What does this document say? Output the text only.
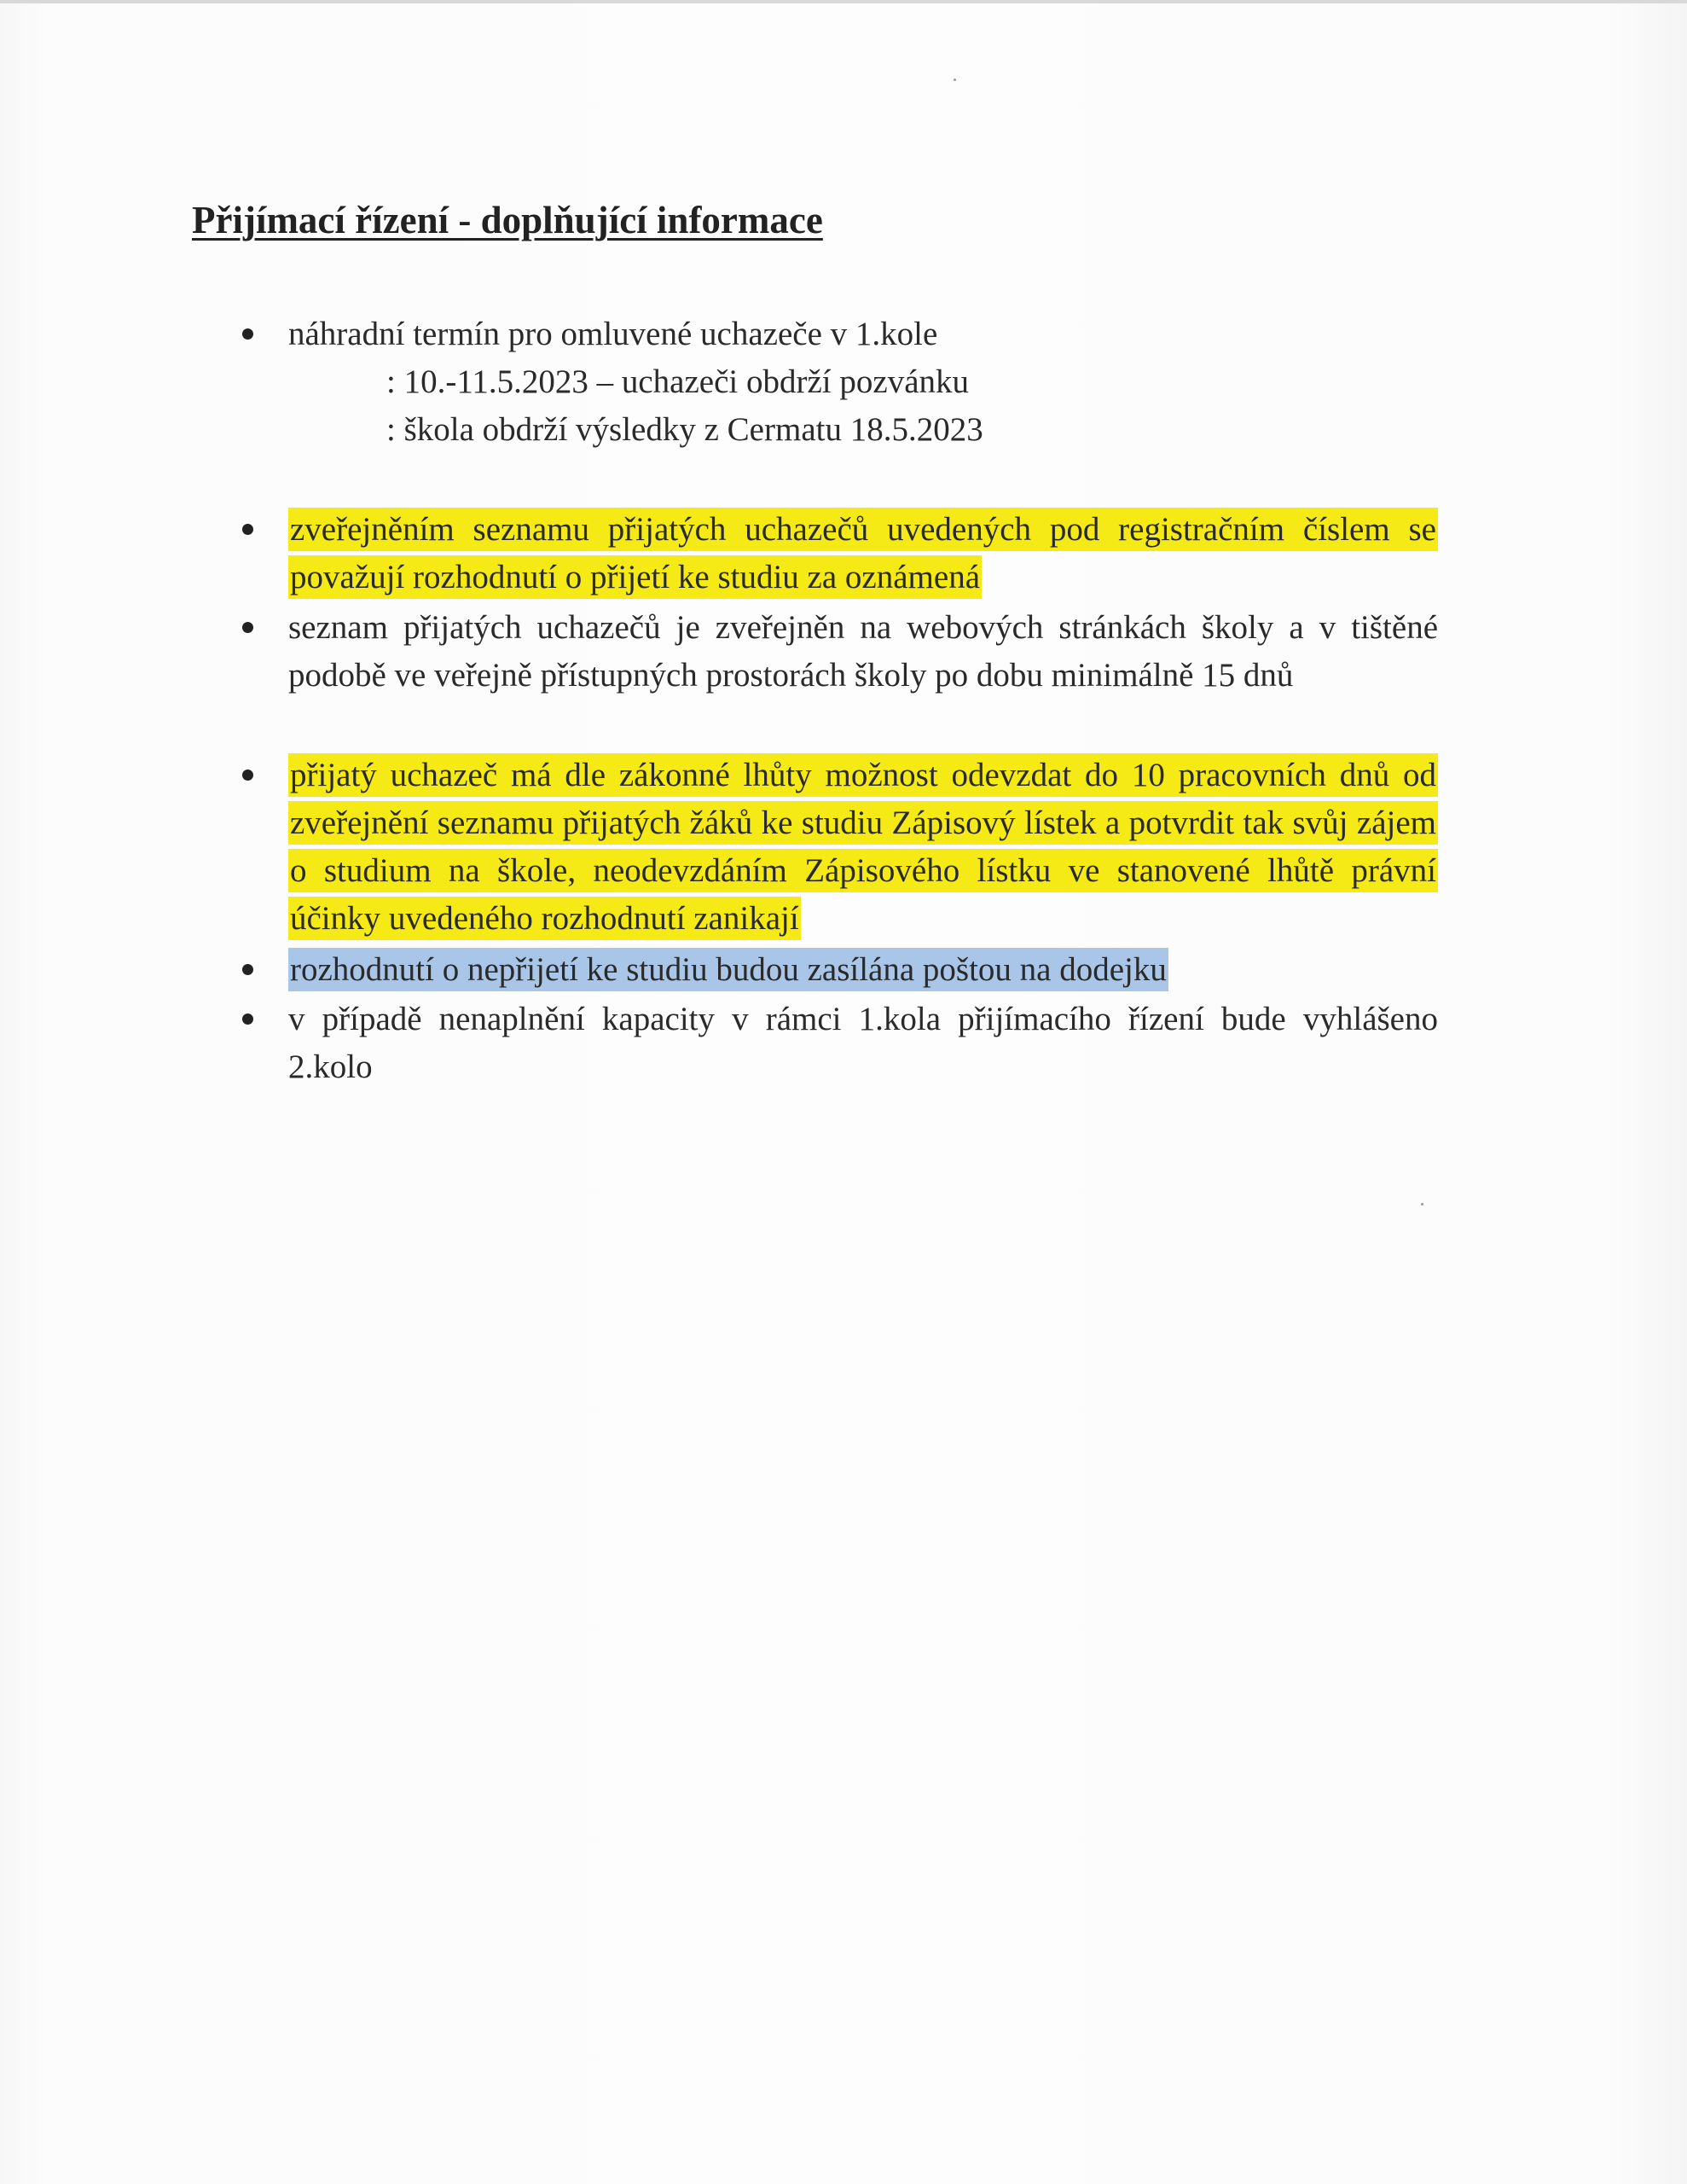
Přijímací řízení - doplňující informace
náhradní termín pro omluvené uchazeče v 1.kole
: 10.-11.5.2023 – uchazeči obdrží pozvánku
: škola obdrží výsledky z Cermatu 18.5.2023
zveřejněním seznamu přijatých uchazečů uvedených pod registračním číslem se považují rozhodnutí o přijetí ke studiu za oznámená
seznam přijatých uchazečů je zveřejněn na webových stránkách školy a v tištěné podobě ve veřejně přístupných prostorách školy po dobu minimálně 15 dnů
přijatý uchazeč má dle zákonné lhůty možnost odevzdat do 10 pracovních dnů od zveřejnění seznamu přijatých žáků ke studiu Zápisový lístek a potvrdit tak svůj zájem o studium na škole, neodevzdáním Zápisového lístku ve stanovené lhůtě právní účinky uvedeného rozhodnutí zanikají
rozhodnutí o nepřijetí ke studiu budou zasílána poštou na dodejku
v případě nenaplnění kapacity v rámci 1.kola přijímacího řízení bude vyhlášeno 2.kolo
